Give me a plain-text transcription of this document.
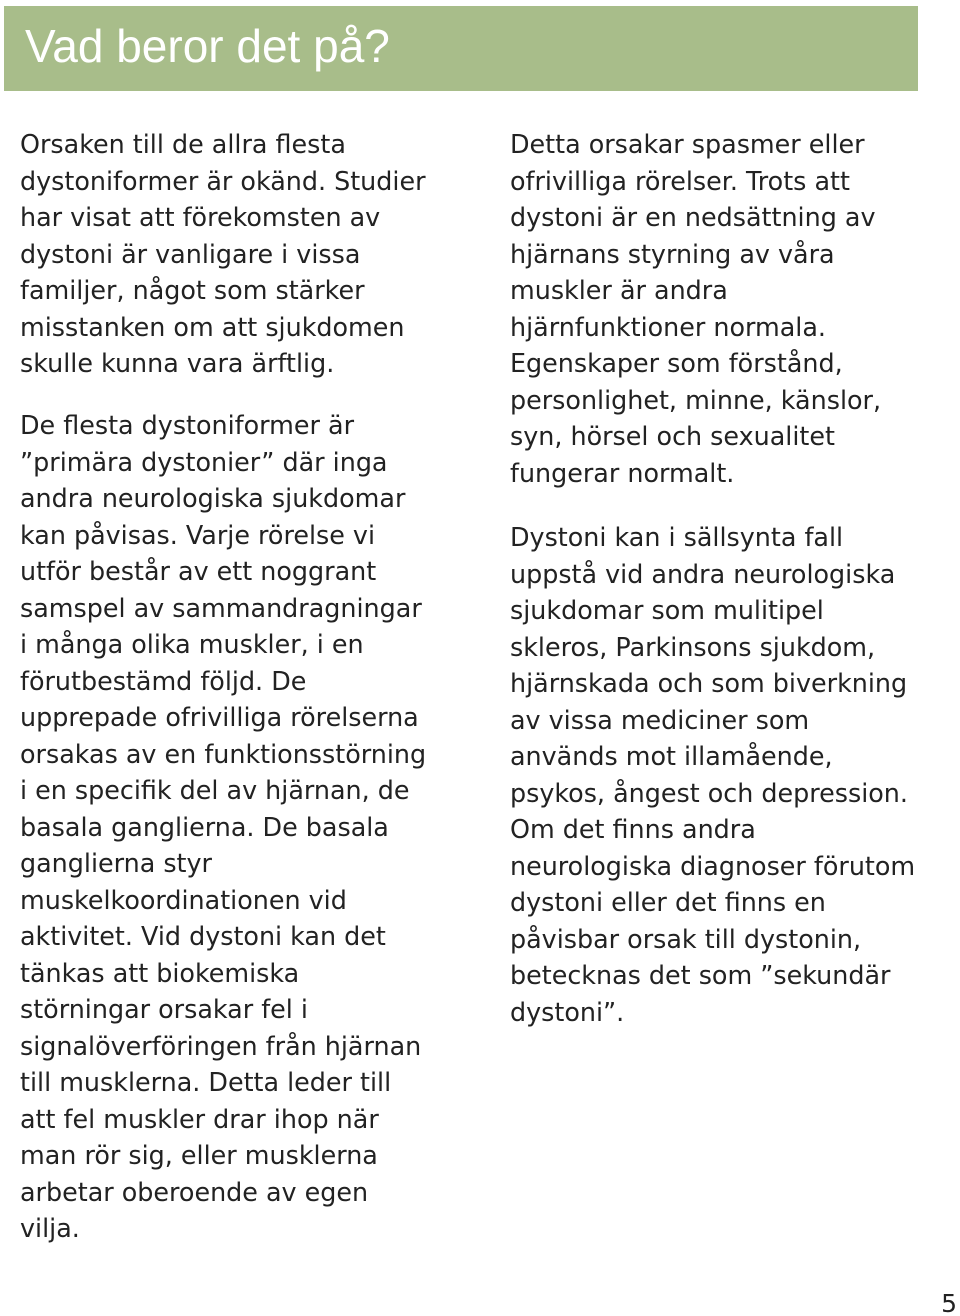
Vad beror det på?
Orsaken till de allra flesta
dystoniformer är okänd. Studier
har visat att förekomsten av
dystoni är vanligare i vissa
familjer, något som stärker
misstanken om att sjukdomen
skulle kunna vara ärftlig.
De flesta dystoniformer är
”primära dystonier” där inga
andra neurologiska sjukdomar
kan påvisas. Varje rörelse vi
utför består av ett noggrant
samspel av sammandragningar
i många olika muskler, i en
förutbestämd följd. De
upprepade ofrivilliga rörelserna
orsakas av en funktionsstörning
i en specifik del av hjärnan, de
basala ganglierna. De basala
ganglierna styr
muskelkoordinationen vid
aktivitet. Vid dystoni kan det
tänkas att biokemiska
störningar orsakar fel i
signalöverföringen från hjärnan
till musklerna. Detta leder till
att fel muskler drar ihop när
man rör sig, eller musklerna
arbetar oberoende av egen
vilja.
Detta orsakar spasmer eller
ofrivilliga rörelser. Trots att
dystoni är en nedsättning av
hjärnans styrning av våra
muskler är andra
hjärnfunktioner normala.
Egenskaper som förstånd,
personlighet, minne, känslor,
syn, hörsel och sexualitet
fungerar normalt.
Dystoni kan i sällsynta fall
uppstå vid andra neurologiska
sjukdomar som mulitipel
skleros, Parkinsons sjukdom,
hjärnskada och som biverkning
av vissa mediciner som
används mot illamående,
psykos, ångest och depression.
Om det finns andra
neurologiska diagnoser förutom
dystoni eller det finns en
påvisbar orsak till dystonin,
betecknas det som ”sekundär
dystoni”.
5
